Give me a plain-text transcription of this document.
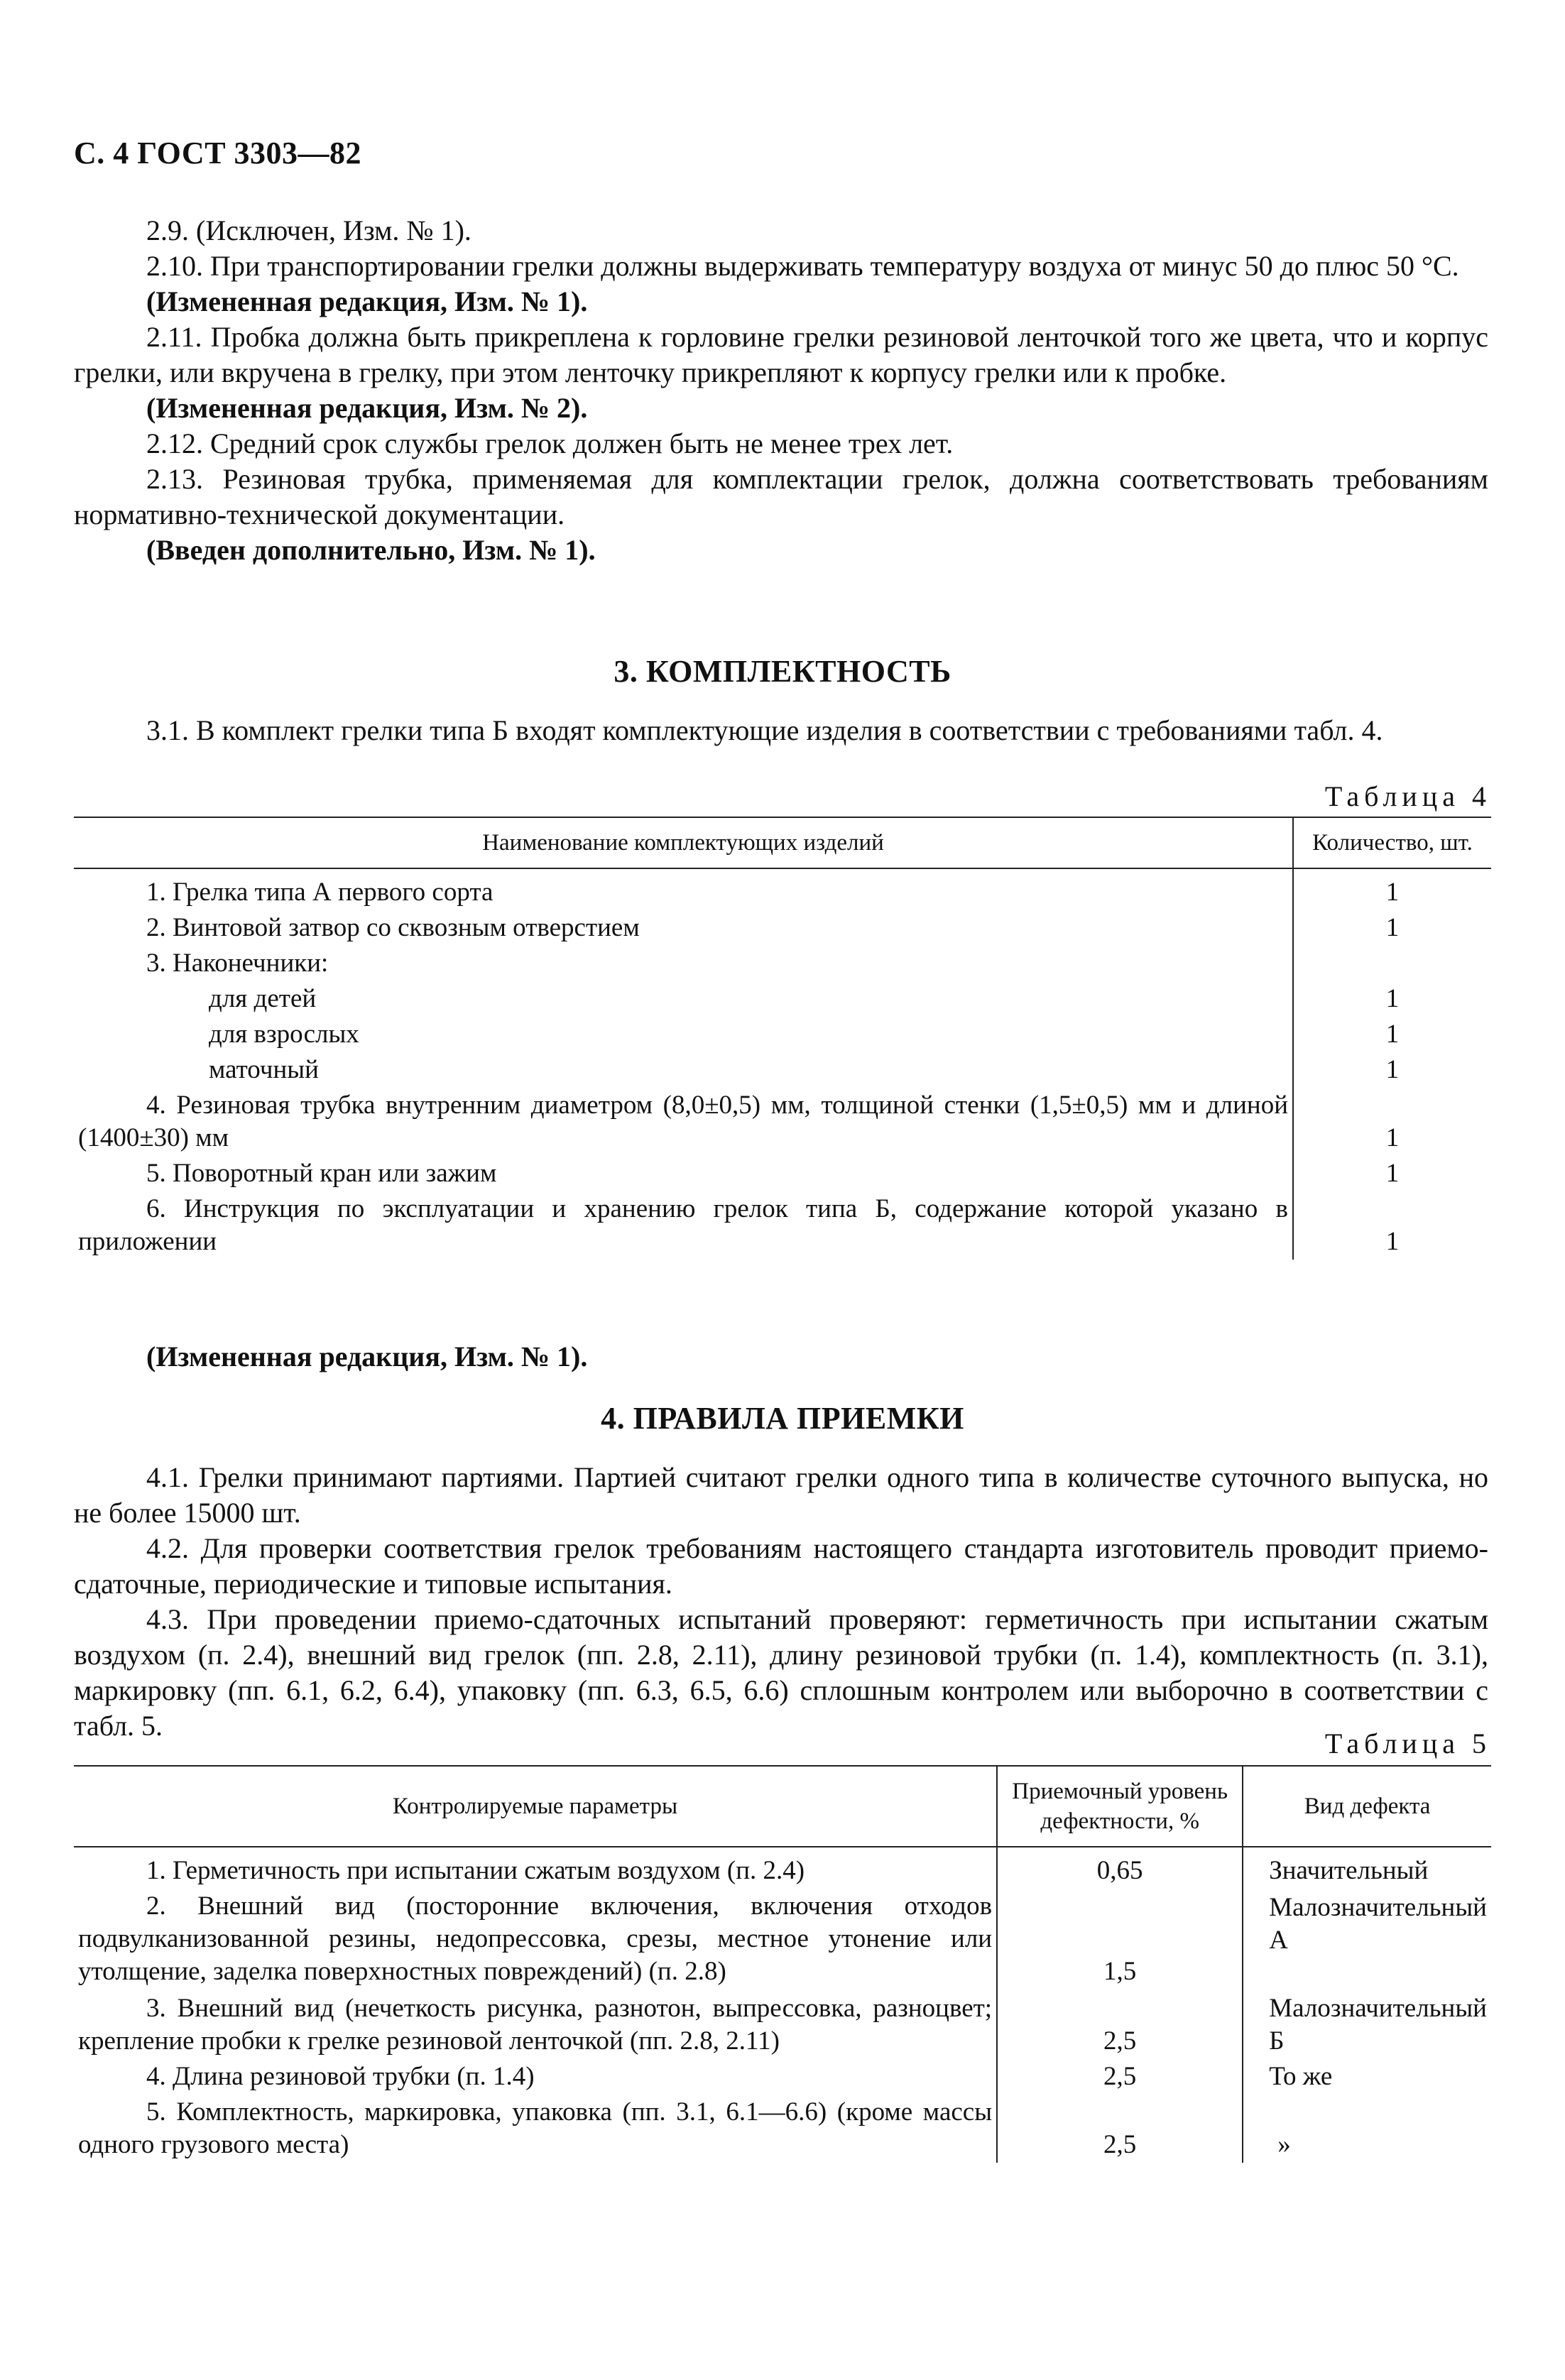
С. 4 ГОСТ 3303—82

2.9. (Исключен, Изм. № 1).

2.10. При транспортировании грелки должны выдерживать температуру воздуха от минус 50 до плюс 50 °С.

(Измененная редакция, Изм. № 1).

2.11. Пробка должна быть прикреплена к горловине грелки резиновой ленточкой того же цвета, что и корпус грелки, или вкручена в грелку, при этом ленточку прикрепляют к корпусу грелки или к пробке.

(Измененная редакция, Изм. № 2).

2.12. Средний срок службы грелок должен быть не менее трех лет.

2.13. Резиновая трубка, применяемая для комплектации грелок, должна соответствовать требованиям нормативно-технической документации.

(Введен дополнительно, Изм. № 1).

3. КОМПЛЕКТНОСТЬ

3.1. В комплект грелки типа Б входят комплектующие изделия в соответствии с требованиями табл. 4.

Таблица 4
Наименование комплектующих изделий	Количество, шт.
1. Грелка типа А первого сорта	1
2. Винтовой затвор со сквозным отверстием	1
3. Наконечники:	
для детей	1
для взрослых	1
маточный	1
4. Резиновая трубка внутренним диаметром (8,0±0,5) мм, толщиной стенки (1,5±0,5) мм и длиной (1400±30) мм	1
5. Поворотный кран или зажим	1
6. Инструкция по эксплуатации и хранению грелок типа Б, содержание которой указано в приложении	1

(Измененная редакция, Изм. № 1).

4. ПРАВИЛА ПРИЕМКИ

4.1. Грелки принимают партиями. Партией считают грелки одного типа в количестве суточного выпуска, но не более 15000 шт.

4.2. Для проверки соответствия грелок требованиям настоящего стандарта изготовитель проводит приемо-сдаточные, периодические и типовые испытания.

4.3. При проведении приемо-сдаточных испытаний проверяют: герметичность при испытании сжатым воздухом (п. 2.4), внешний вид грелок (пп. 2.8, 2.11), длину резиновой трубки (п. 1.4), комплектность (п. 3.1), маркировку (пп. 6.1, 6.2, 6.4), упаковку (пп. 6.3, 6.5, 6.6) сплошным контролем или выборочно в соответствии с табл. 5.

Таблица 5
Контролируемые параметры	Приемочный уровень дефектности, %	Вид дефекта
1. Герметичность при испытании сжатым воздухом (п. 2.4)	0,65	Значительный
2. Внешний вид (посторонние включения, включения отходов подвулканизованной резины, недопрессовка, срезы, местное утонение или утолщение, заделка поверхностных повреждений) (п. 2.8)	1,5	Малозначительный А
3. Внешний вид (нечеткость рисунка, разнотон, выпрессовка, разноцвет; крепление пробки к грелке резиновой ленточкой (пп. 2.8, 2.11)	2,5	Малозначительный Б
4. Длина резиновой трубки (п. 1.4)	2,5	То же
5. Комплектность, маркировка, упаковка (пп. 3.1, 6.1—6.6) (кроме массы одного грузового места)	2,5	»
